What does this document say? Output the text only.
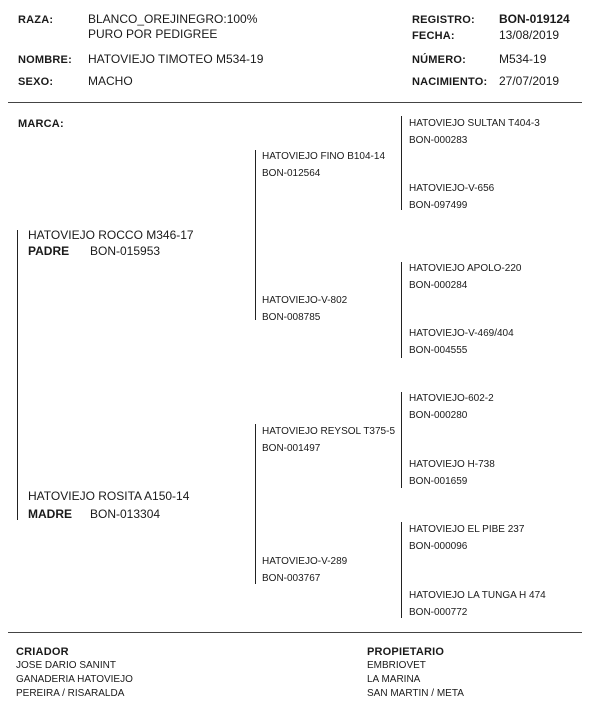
RAZA:	BLANCO_OREJINEGRO:100%
PURO POR PEDIGREE
NOMBRE: HATOVIEJO TIMOTEO M534-19
SEXO:	MACHO
REGISTRO: BON-019124
FECHA:	13/08/2019
NÚMERO:	M534-19
NACIMIENTO: 27/07/2019
MARCA:
HATOVIEJO ROCCO M346-17
PADRE BON-015953
HATOVIEJO ROSITA A150-14
MADRE BON-013304
HATOVIEJO FINO B104-14
BON-012564
HATOVIEJO-V-802
BON-008785
HATOVIEJO REYSOL T375-5
BON-001497
HATOVIEJO-V-289
BON-003767
HATOVIEJO SULTAN T404-3
BON-000283
HATOVIEJO-V-656
BON-097499
HATOVIEJO APOLO-220
BON-000284
HATOVIEJO-V-469/404
BON-004555
HATOVIEJO-602-2
BON-000280
HATOVIEJO H-738
BON-001659
HATOVIEJO EL PIBE 237
BON-000096
HATOVIEJO LA TUNGA H 474
BON-000772
CRIADOR
JOSE DARIO SANINT
GANADERIA HATOVIEJO
PEREIRA / RISARALDA
PROPIETARIO
EMBRIOVET
LA MARINA
SAN MARTIN / META
